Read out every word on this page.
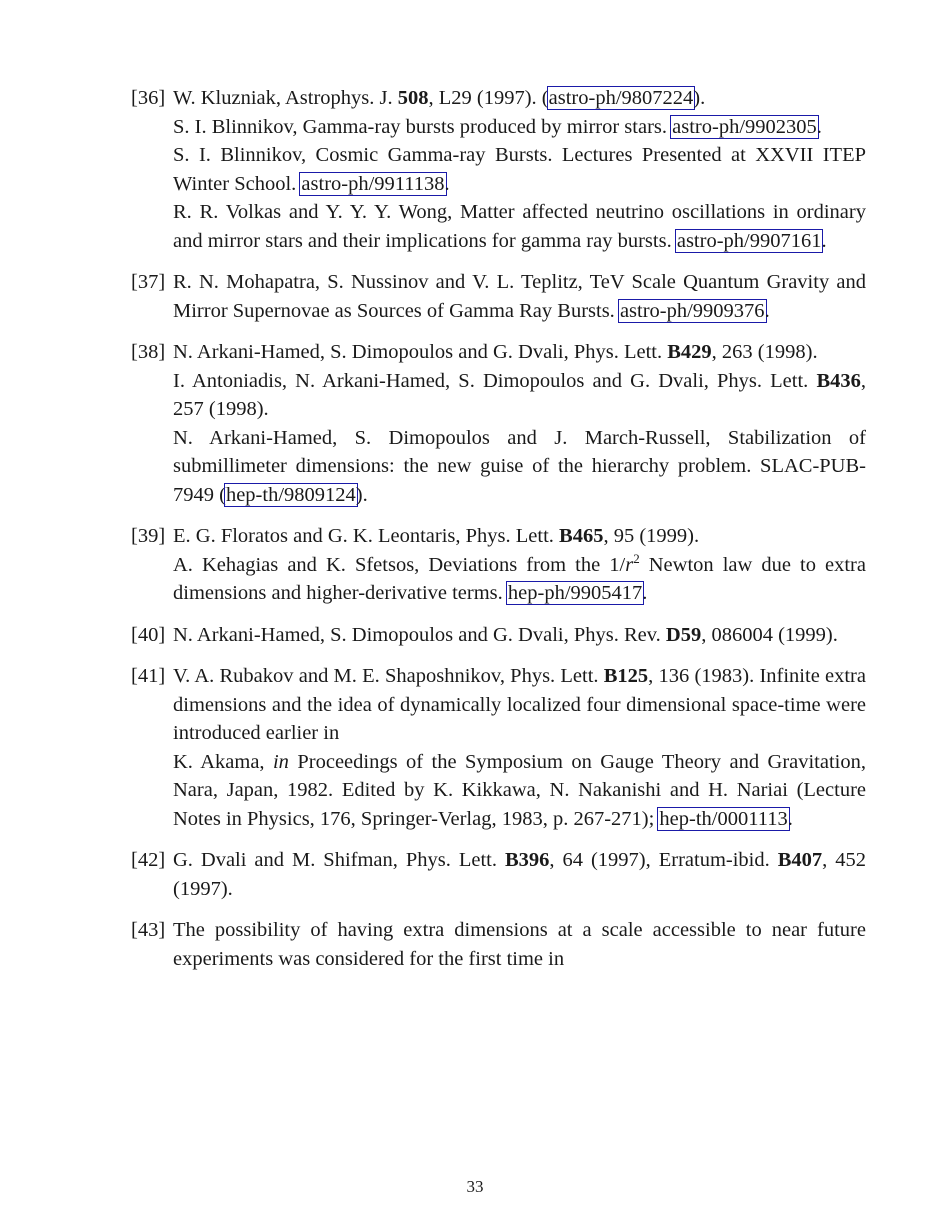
[36] W. Kluzniak, Astrophys. J. 508, L29 (1997). (astro-ph/9807224).
S. I. Blinnikov, Gamma-ray bursts produced by mirror stars. astro-ph/9902305.
S. I. Blinnikov, Cosmic Gamma-ray Bursts. Lectures Presented at XXVII ITEP Winter School. astro-ph/9911138.
R. R. Volkas and Y. Y. Y. Wong, Matter affected neutrino oscillations in ordinary and mirror stars and their implications for gamma ray bursts. astro-ph/9907161.
[37] R. N. Mohapatra, S. Nussinov and V. L. Teplitz, TeV Scale Quantum Gravity and Mirror Supernovae as Sources of Gamma Ray Bursts. astro-ph/9909376.
[38] N. Arkani-Hamed, S. Dimopoulos and G. Dvali, Phys. Lett. B429, 263 (1998).
I. Antoniadis, N. Arkani-Hamed, S. Dimopoulos and G. Dvali, Phys. Lett. B436, 257 (1998).
N. Arkani-Hamed, S. Dimopoulos and J. March-Russell, Stabilization of submillimeter dimensions: the new guise of the hierarchy problem. SLAC-PUB-7949 (hep-th/9809124).
[39] E. G. Floratos and G. K. Leontaris, Phys. Lett. B465, 95 (1999).
A. Kehagias and K. Sfetsos, Deviations from the $1/r^2$ Newton law due to extra dimensions and higher-derivative terms. hep-ph/9905417.
[40] N. Arkani-Hamed, S. Dimopoulos and G. Dvali, Phys. Rev. D59, 086004 (1999).
[41] V. A. Rubakov and M. E. Shaposhnikov, Phys. Lett. B125, 136 (1983). Infinite extra dimensions and the idea of dynamically localized four dimensional space-time were introduced earlier in
K. Akama, in Proceedings of the Symposium on Gauge Theory and Gravitation, Nara, Japan, 1982. Edited by K. Kikkawa, N. Nakanishi and H. Nariai (Lecture Notes in Physics, 176, Springer-Verlag, 1983, p. 267-271); hep-th/0001113.
[42] G. Dvali and M. Shifman, Phys. Lett. B396, 64 (1997), Erratum-ibid. B407, 452 (1997).
[43] The possibility of having extra dimensions at a scale accessible to near future experiments was considered for the first time in
33
